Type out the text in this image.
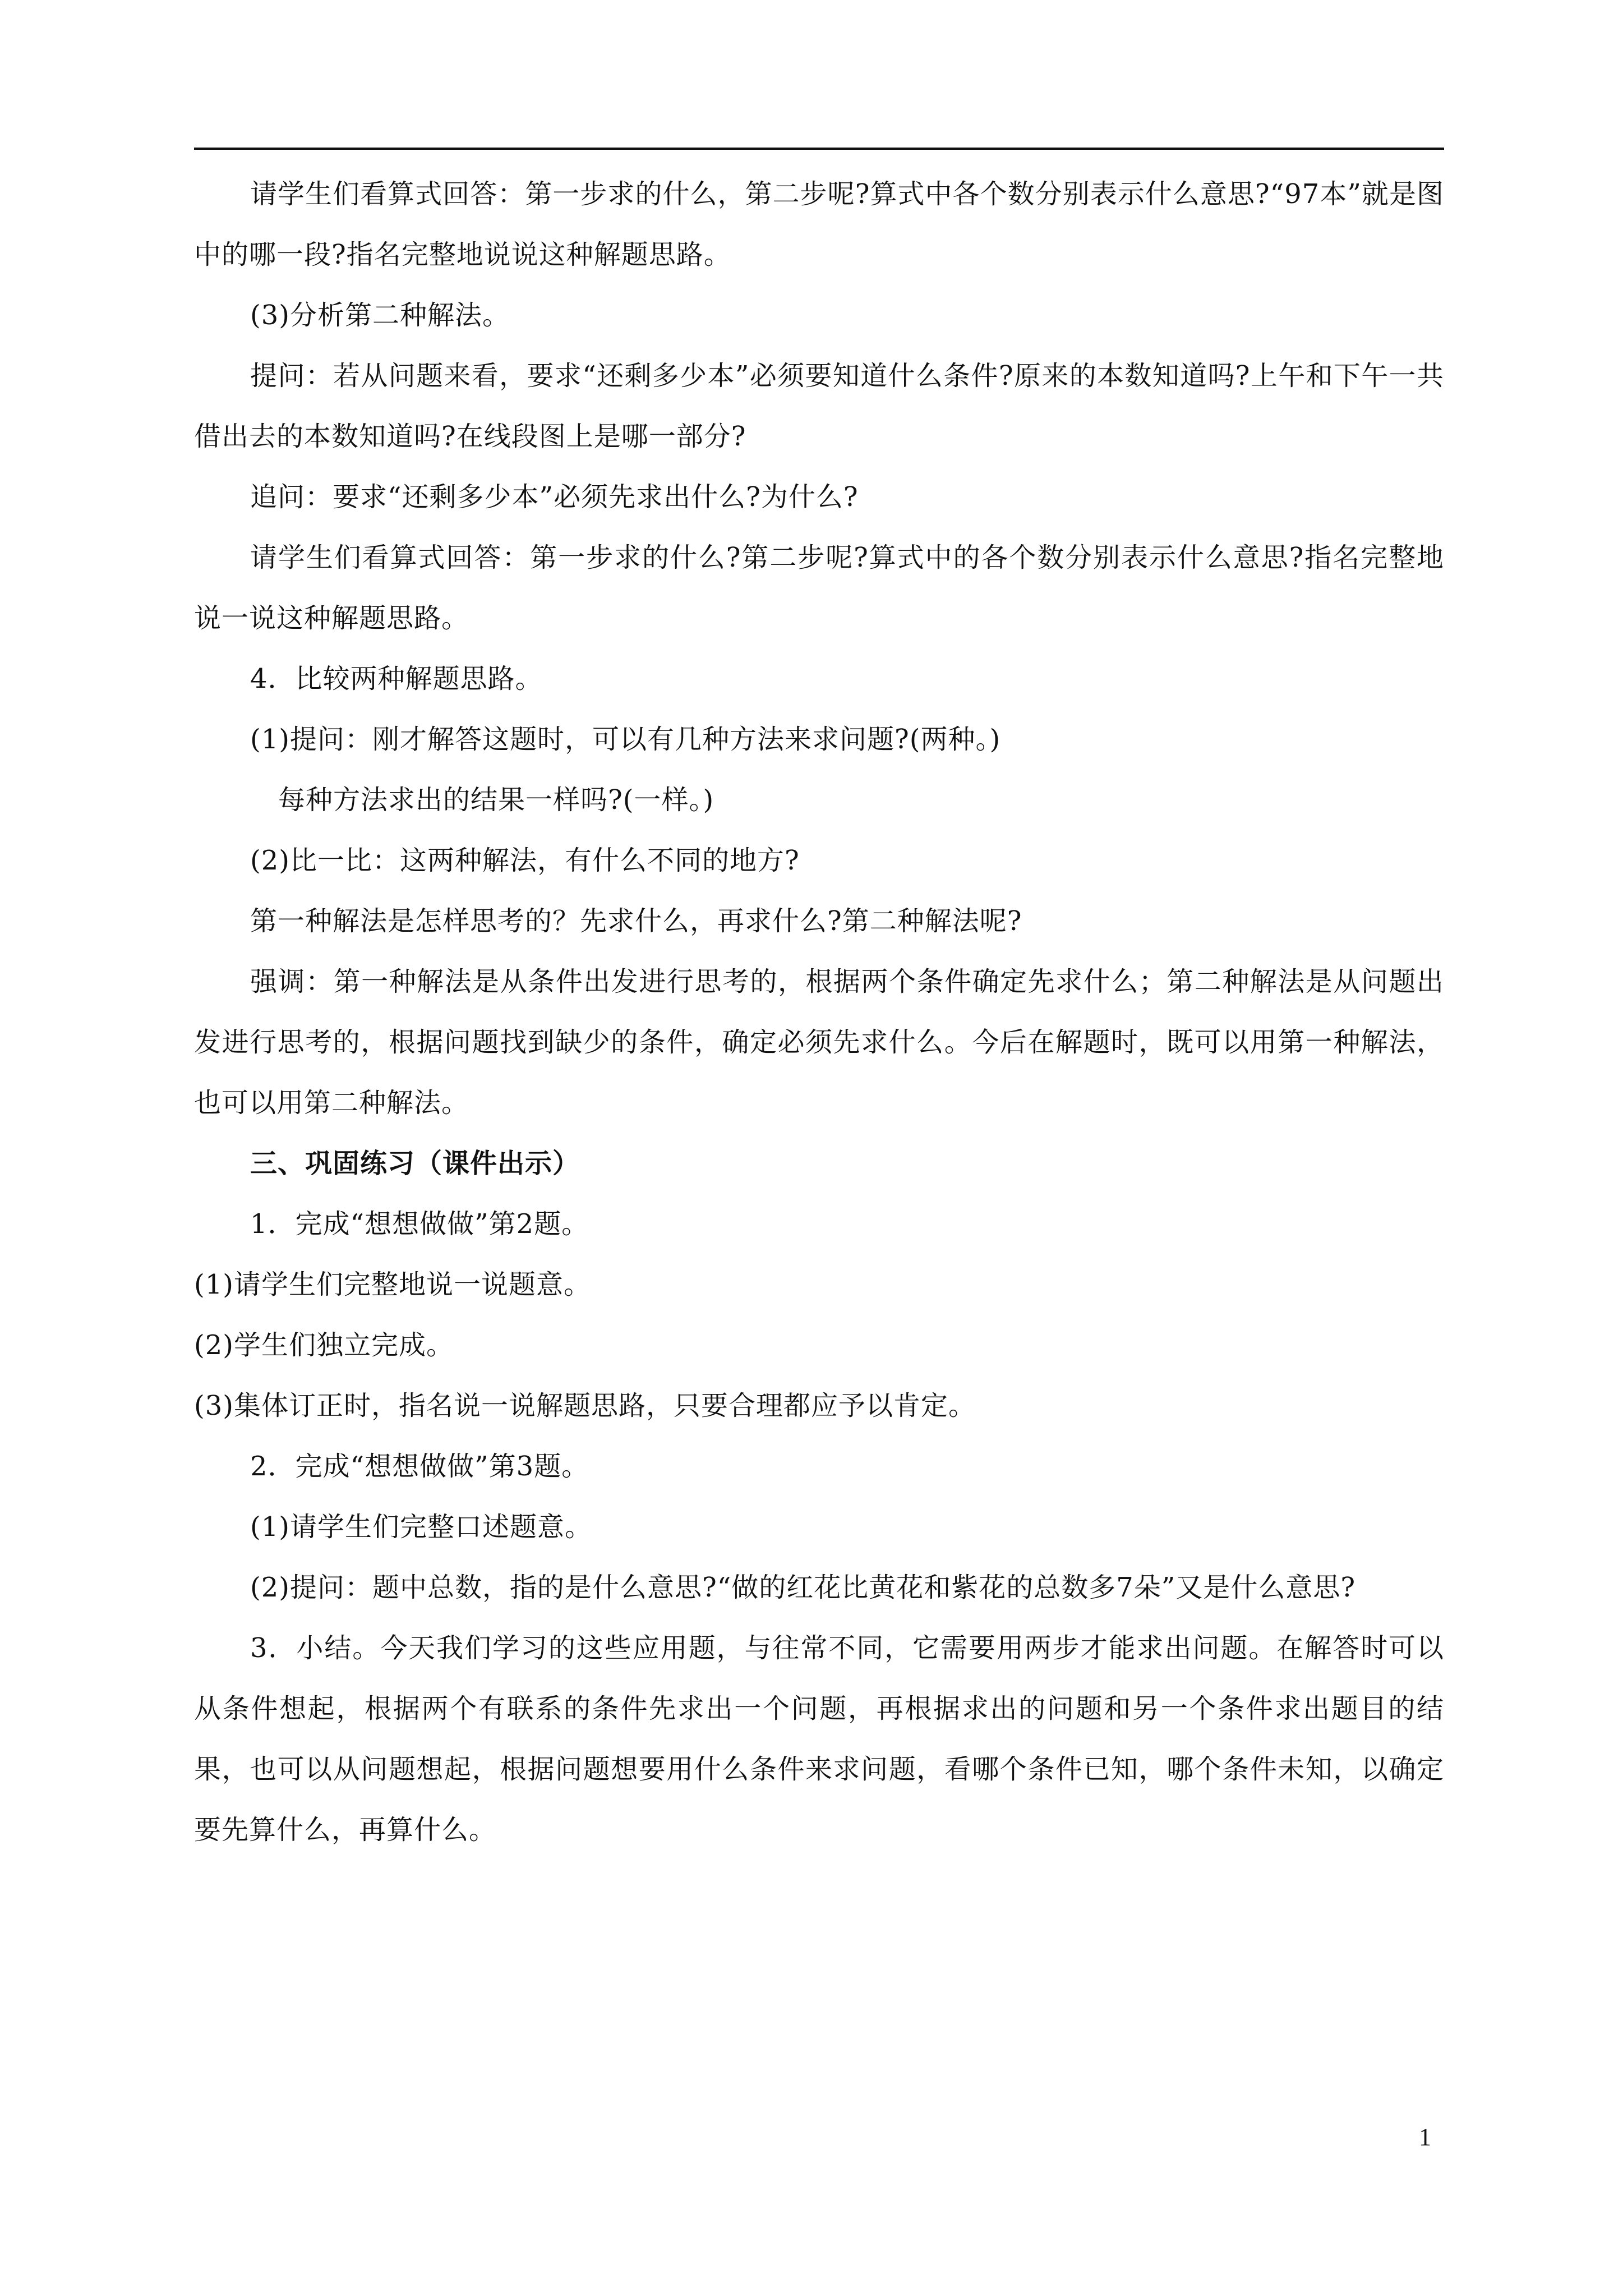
请学生们看算式回答：第一步求的什么，第二步呢?算式中各个数分别表示什么意思?“97本”就是图中的哪一段?指名完整地说说这种解题思路。

(3)分析第二种解法。

提问：若从问题来看，要求“还剩多少本”必须要知道什么条件?原来的本数知道吗?上午和下午一共借出去的本数知道吗?在线段图上是哪一部分?

追问：要求“还剩多少本”必须先求出什么?为什么?

请学生们看算式回答：第一步求的什么?第二步呢?算式中的各个数分别表示什么意思?指名完整地说一说这种解题思路。

4．比较两种解题思路。

(1)提问：刚才解答这题时，可以有几种方法来求问题?(两种。)

每种方法求出的结果一样吗?(一样。)

(2)比一比：这两种解法，有什么不同的地方?

第一种解法是怎样思考的？先求什么，再求什么?第二种解法呢?

强调：第一种解法是从条件出发进行思考的，根据两个条件确定先求什么；第二种解法是从问题出发进行思考的，根据问题找到缺少的条件，确定必须先求什么。今后在解题时，既可以用第一种解法，也可以用第二种解法。

三、巩固练习（课件出示）

1．完成“想想做做”第2题。

(1)请学生们完整地说一说题意。

(2)学生们独立完成。

(3)集体订正时，指名说一说解题思路，只要合理都应予以肯定。

2．完成“想想做做”第3题。

(1)请学生们完整口述题意。

(2)提问：题中总数，指的是什么意思?“做的红花比黄花和紫花的总数多7朵”又是什么意思?

3．小结。今天我们学习的这些应用题，与往常不同，它需要用两步才能求出问题。在解答时可以从条件想起，根据两个有联系的条件先求出一个问题，再根据求出的问题和另一个条件求出题目的结果，也可以从问题想起，根据问题想要用什么条件来求问题，看哪个条件已知，哪个条件未知，以确定要先算什么，再算什么。

1
